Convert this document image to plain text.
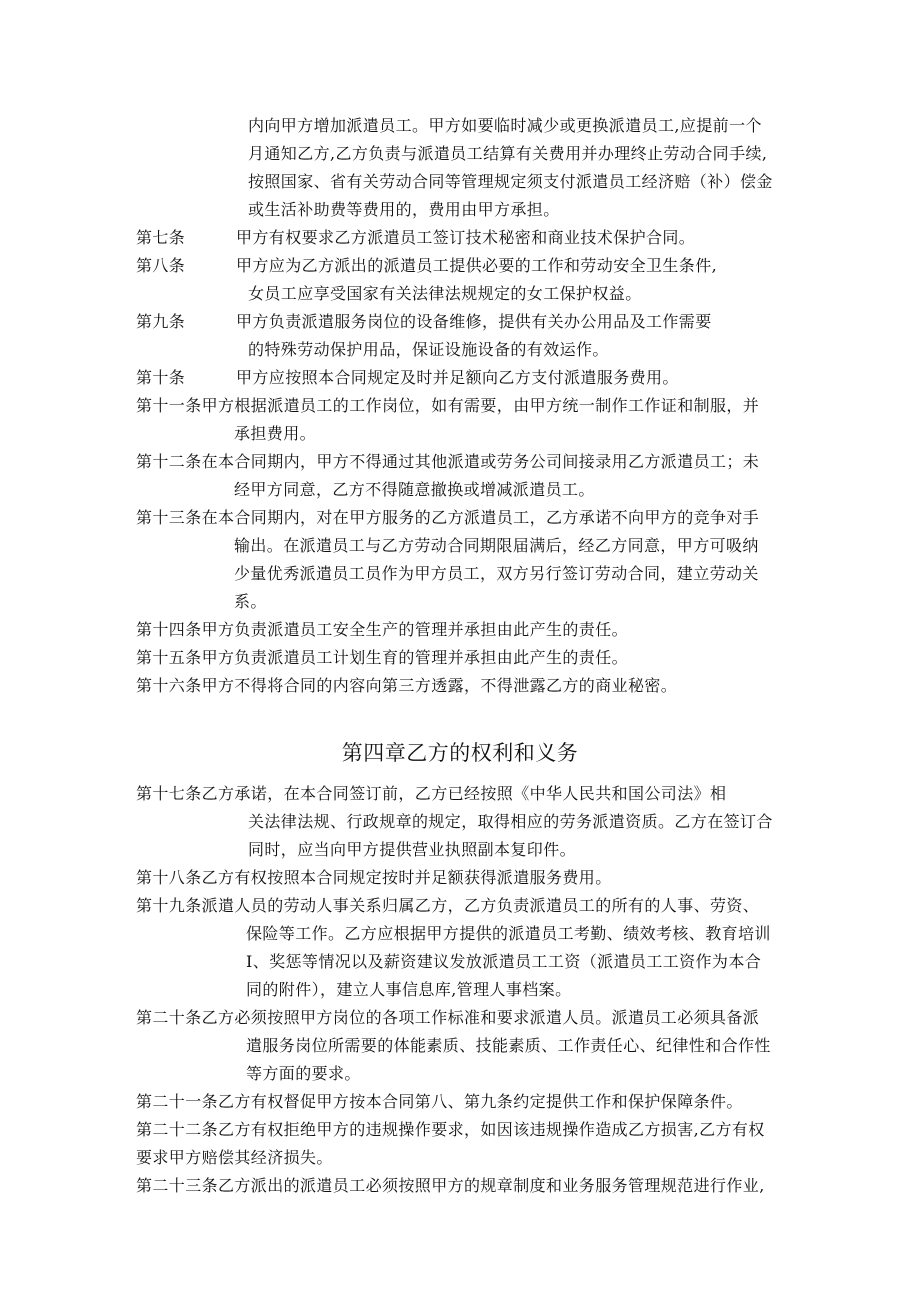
内向甲方增加派遣员工。甲方如要临时减少或更换派遣员工,应提前一个
月通知乙方,乙方负责与派遣员工结算有关费用并办理终止劳动合同手续,
按照国家、省有关劳动合同等管理规定须支付派遣员工经济赔（补）偿金
或生活补助费等费用的，费用由甲方承担。
第七条	甲方有权要求乙方派遣员工签订技术秘密和商业技术保护合同。
第八条	甲方应为乙方派出的派遣员工提供必要的工作和劳动安全卫生条件,
女员工应享受国家有关法律法规规定的女工保护权益。
第九条	甲方负责派遣服务岗位的设备维修，提供有关办公用品及工作需要
的特殊劳动保护用品，保证设施设备的有效运作。
第十条	甲方应按照本合同规定及时并足额向乙方支付派遣服务费用。
第十一条甲方根据派遣员工的工作岗位，如有需要，由甲方统一制作工作证和制服，并
承担费用。
第十二条在本合同期内，甲方不得通过其他派遣或劳务公司间接录用乙方派遣员工；未
经甲方同意，乙方不得随意撤换或增减派遣员工。
第十三条在本合同期内，对在甲方服务的乙方派遣员工，乙方承诺不向甲方的竞争对手
输出。在派遣员工与乙方劳动合同期限届满后，经乙方同意，甲方可吸纳
少量优秀派遣员工员作为甲方员工，双方另行签订劳动合同，建立劳动关
系。
第十四条甲方负责派遣员工安全生产的管理并承担由此产生的责任。
第十五条甲方负责派遣员工计划生育的管理并承担由此产生的责任。
第十六条甲方不得将合同的内容向第三方透露，不得泄露乙方的商业秘密。
第四章乙方的权利和义务
第十七条乙方承诺，在本合同签订前，乙方已经按照《中华人民共和国公司法》相
关法律法规、行政规章的规定，取得相应的劳务派遣资质。乙方在签订合
同时，应当向甲方提供营业执照副本复印件。
第十八条乙方有权按照本合同规定按时并足额获得派遣服务费用。
第十九条派遣人员的劳动人事关系归属乙方，乙方负责派遣员工的所有的人事、劳资、
保险等工作。乙方应根据甲方提供的派遣员工考勤、绩效考核、教育培训
I、奖惩等情况以及薪资建议发放派遣员工工资（派遣员工工资作为本合
同的附件），建立人事信息库,管理人事档案。
第二十条乙方必须按照甲方岗位的各项工作标准和要求派遣人员。派遣员工必须具备派
遣服务岗位所需要的体能素质、技能素质、工作责任心、纪律性和合作性
等方面的要求。
第二十一条乙方有权督促甲方按本合同第八、第九条约定提供工作和保护保障条件。
第二十二条乙方有权拒绝甲方的违规操作要求，如因该违规操作造成乙方损害,乙方有权
要求甲方赔偿其经济损失。
第二十三条乙方派出的派遣员工必须按照甲方的规章制度和业务服务管理规范进行作业,
